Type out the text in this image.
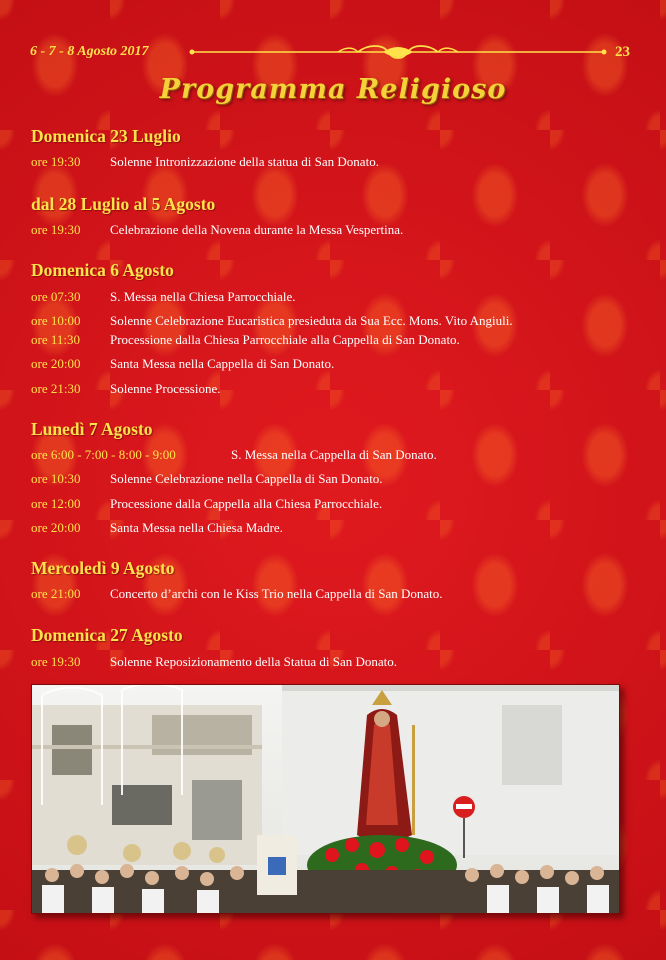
6 - 7 - 8 Agosto 2017	23
Programma Religioso
Domenica 23 Luglio
ore 19:30 Solenne Intronizzazione della statua di San Donato.
dal 28 Luglio al 5 Agosto
ore 19:30 Celebrazione della Novena durante la Messa Vespertina.
Domenica 6 Agosto
ore 07:30 S. Messa nella Chiesa Parrocchiale.
ore 10:00 Solenne Celebrazione Eucaristica presieduta da Sua Ecc. Mons. Vito Angiuli.
ore 11:30 Processione dalla Chiesa Parrocchiale alla Cappella di San Donato.
ore 20:00 Santa Messa nella Cappella di San Donato.
ore 21:30 Solenne Processione.
Lunedì 7 Agosto
ore 6:00 - 7:00 - 8:00 - 9:00	S. Messa nella Cappella di San Donato.
ore 10:30 Solenne Celebrazione nella Cappella di San Donato.
ore 12:00 Processione dalla Cappella alla Chiesa Parrocchiale.
ore 20:00 Santa Messa nella Chiesa Madre.
Mercoledì 9 Agosto
ore 21:00 Concerto d’archi con le Kiss Trio nella Cappella di San Donato.
Domenica 27 Agosto
ore 19:30 Solenne Reposizionamento della Statua di San Donato.
